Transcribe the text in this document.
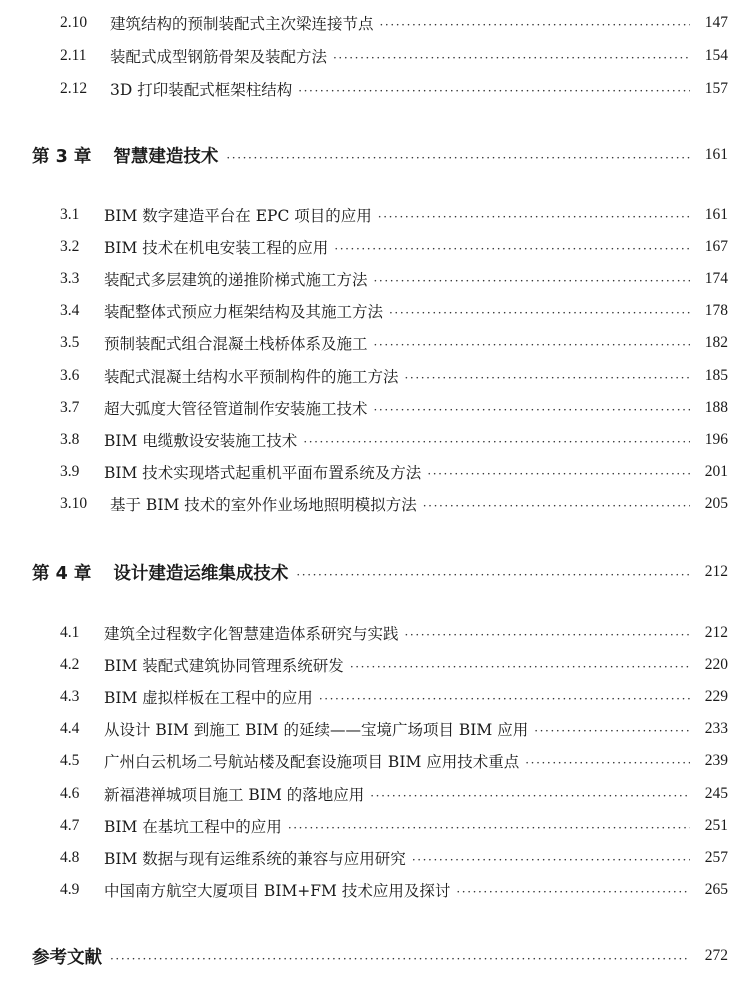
2.10	建筑结构的预制装配式主次梁连接节点 ·····	147
2.11	装配式成型钢筋骨架及装配方法 ·····	154
2.12	3D 打印装配式框架柱结构 ·····	157
第 3 章 智慧建造技术 ·····	161
3.1	BIM 数字建造平台在 EPC 项目的应用 ·····	161
3.2	BIM 技术在机电安装工程的应用 ·····	167
3.3	装配式多层建筑的递推阶梯式施工方法 ·····	174
3.4	装配整体式预应力框架结构及其施工方法 ·····	178
3.5	预制装配式组合混凝土栈桥体系及施工 ·····	182
3.6	装配式混凝土结构水平预制构件的施工方法 ·····	185
3.7	超大弧度大管径管道制作安装施工技术 ·····	188
3.8	BIM 电缆敷设安装施工技术 ·····	196
3.9	BIM 技术实现塔式起重机平面布置系统及方法 ·····	201
3.10	基于 BIM 技术的室外作业场地照明模拟方法 ·····	205
第 4 章 设计建造运维集成技术 ·····	212
4.1	建筑全过程数字化智慧建造体系研究与实践 ·····	212
4.2	BIM 装配式建筑协同管理系统研发 ·····	220
4.3	BIM 虚拟样板在工程中的应用 ·····	229
4.4	从设计 BIM 到施工 BIM 的延续——宝境广场项目 BIM 应用 ·····	233
4.5	广州白云机场二号航站楼及配套设施项目 BIM 应用技术重点 ·····	239
4.6	新福港禅城项目施工 BIM 的落地应用 ·····	245
4.7	BIM 在基坑工程中的应用 ·····	251
4.8	BIM 数据与现有运维系统的兼容与应用研究 ·····	257
4.9	中国南方航空大厦项目 BIM+FM 技术应用及探讨 ·····	265
参考文献 ·····	272
